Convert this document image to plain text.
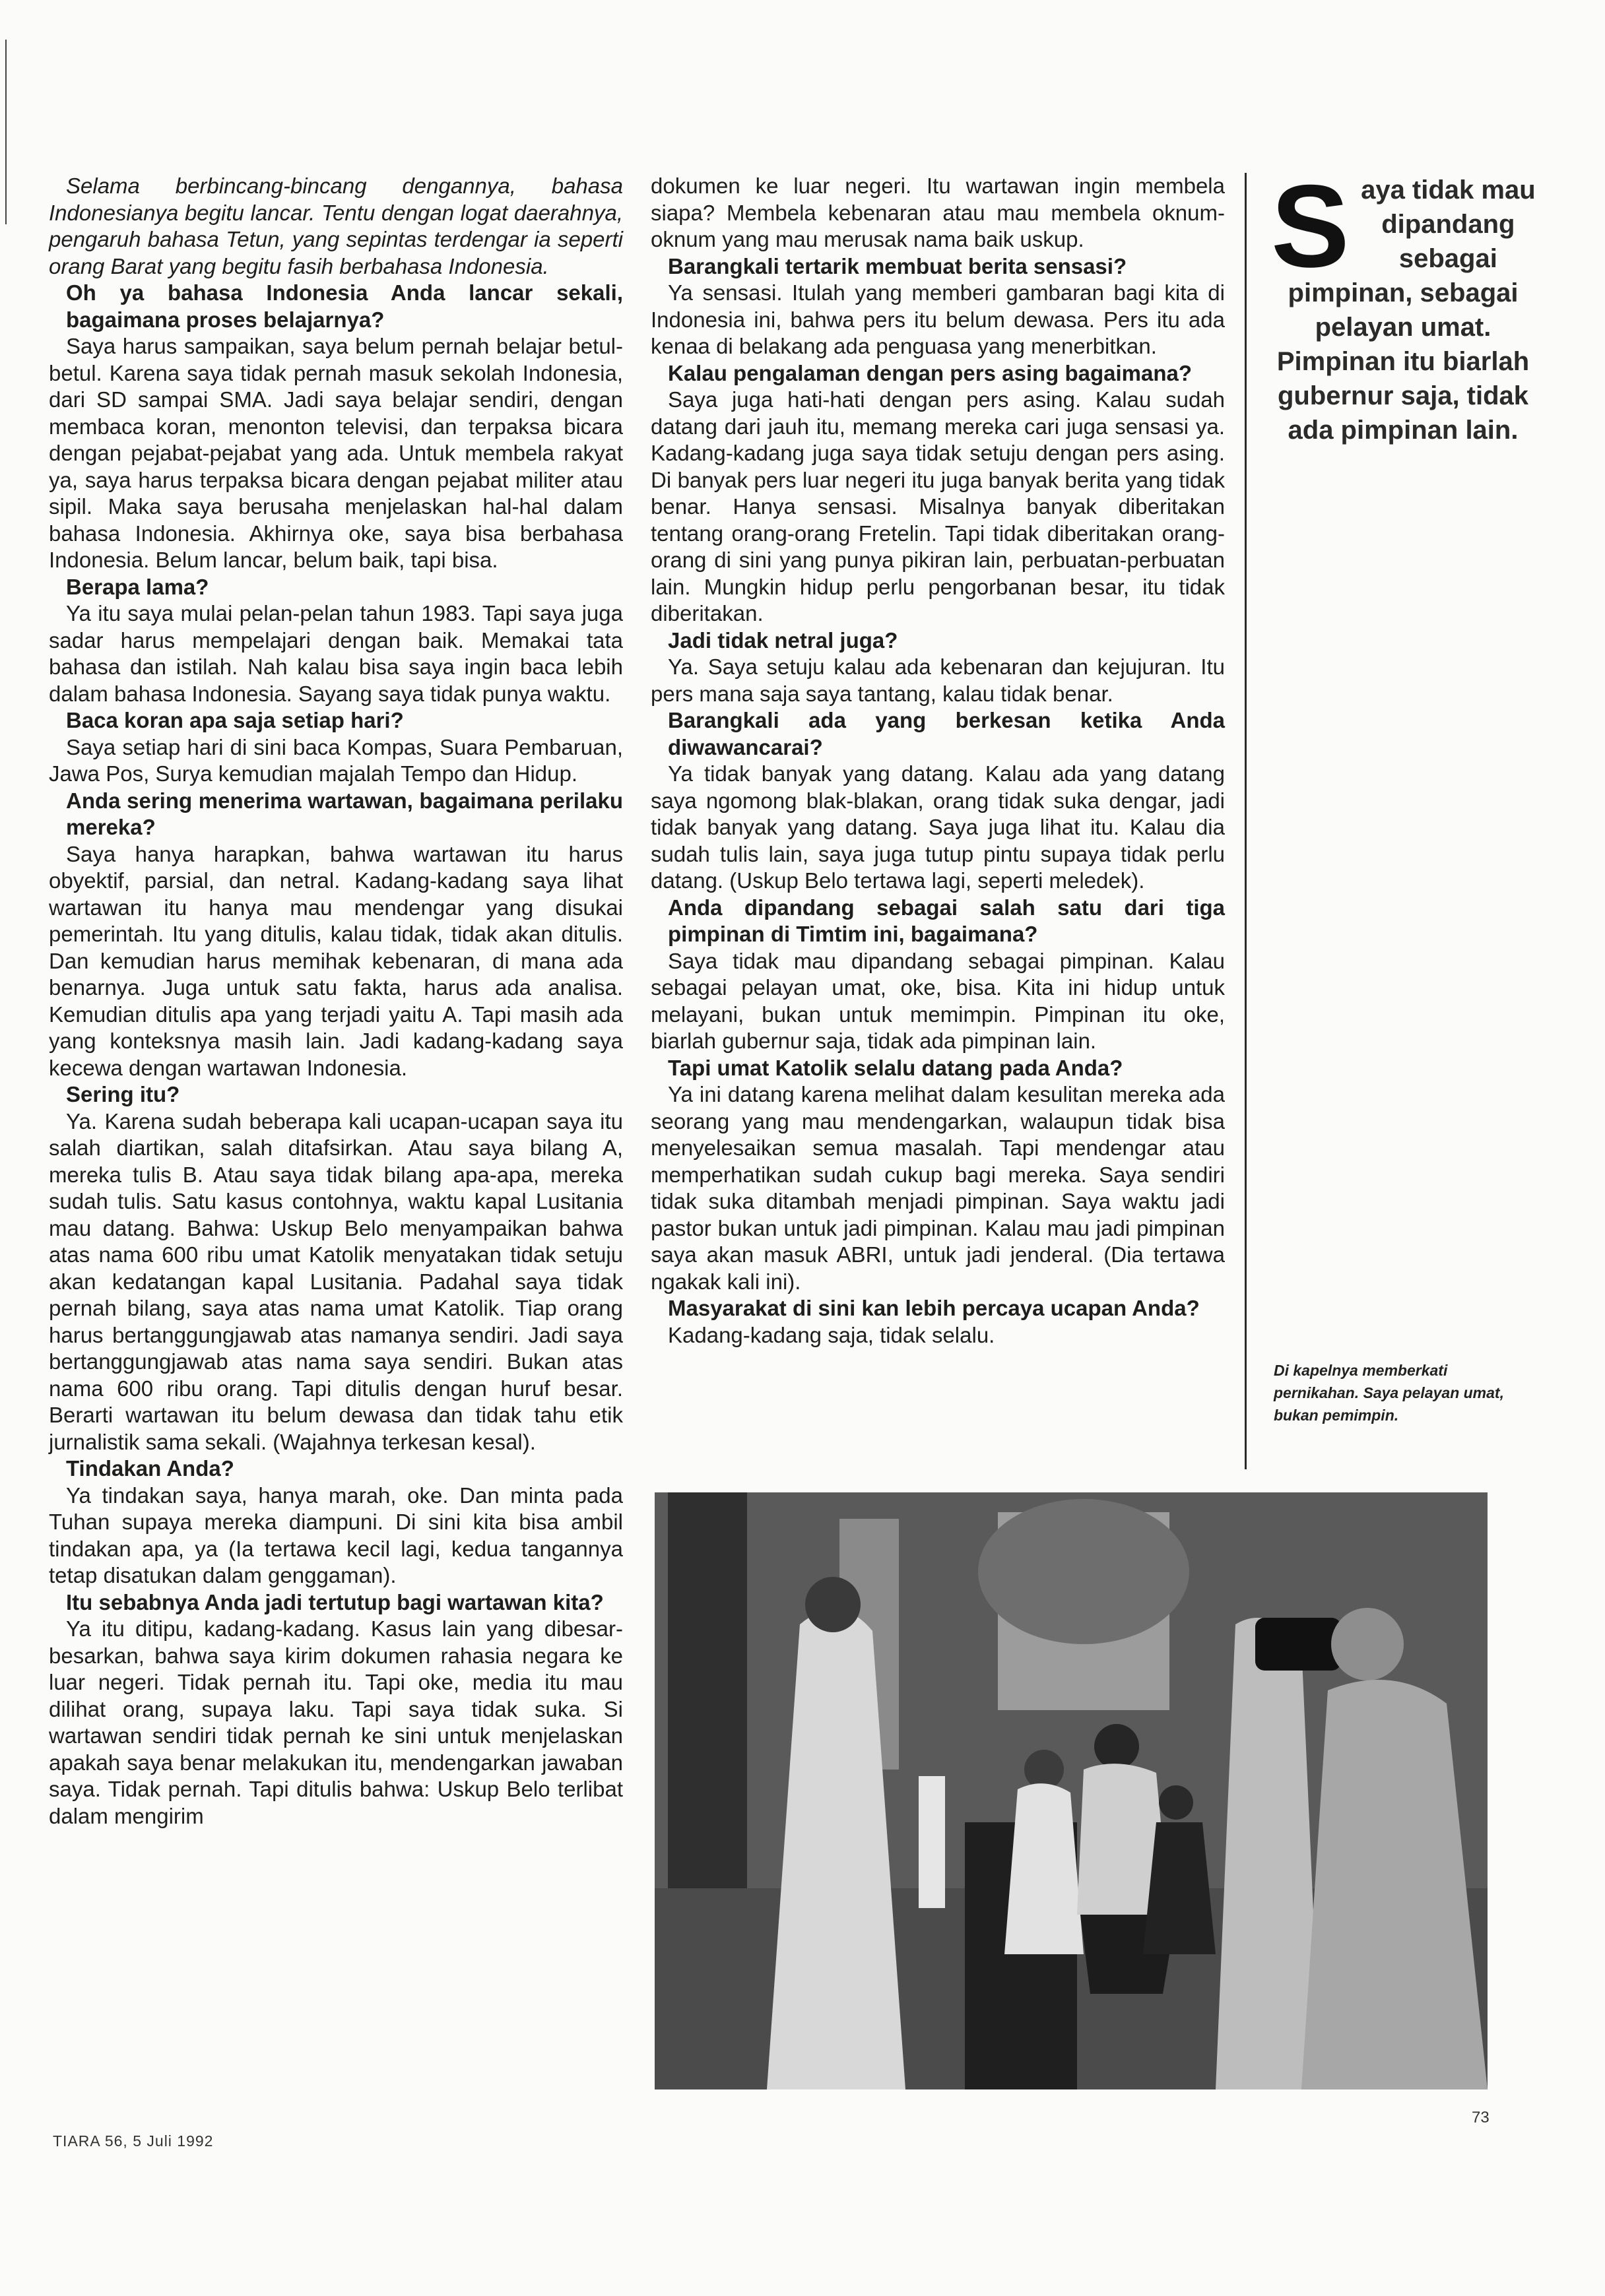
Selama berbincang-bincang dengannya, bahasa Indonesianya begitu lancar. Tentu dengan logat daerahnya, pengaruh bahasa Tetun, yang sepintas terdengar ia seperti orang Barat yang begitu fasih berbahasa Indonesia.

Oh ya bahasa Indonesia Anda lancar sekali, bagaimana proses belajarnya?

Saya harus sampaikan, saya belum pernah belajar betul-betul. Karena saya tidak pernah masuk sekolah Indonesia, dari SD sampai SMA. Jadi saya belajar sendiri, dengan membaca koran, menonton televisi, dan terpaksa bicara dengan pejabat-pejabat yang ada. Untuk membela rakyat ya, saya harus terpaksa bicara dengan pejabat militer atau sipil. Maka saya berusaha menjelaskan hal-hal dalam bahasa Indonesia. Akhirnya oke, saya bisa berbahasa Indonesia. Belum lancar, belum baik, tapi bisa.

Berapa lama?

Ya itu saya mulai pelan-pelan tahun 1983. Tapi saya juga sadar harus mempelajari dengan baik. Memakai tata bahasa dan istilah. Nah kalau bisa saya ingin baca lebih dalam bahasa Indonesia. Sayang saya tidak punya waktu.

Baca koran apa saja setiap hari?

Saya setiap hari di sini baca Kompas, Suara Pembaruan, Jawa Pos, Surya kemudian majalah Tempo dan Hidup.

Anda sering menerima wartawan, bagaimana perilaku mereka?

Saya hanya harapkan, bahwa wartawan itu harus obyektif, parsial, dan netral. Kadang-kadang saya lihat wartawan itu hanya mau mendengar yang disukai pemerintah. Itu yang ditulis, kalau tidak, tidak akan ditulis. Dan kemudian harus memihak kebenaran, di mana ada benarnya. Juga untuk satu fakta, harus ada analisa. Kemudian ditulis apa yang terjadi yaitu A. Tapi masih ada yang konteksnya masih lain. Jadi kadang-kadang saya kecewa dengan wartawan Indonesia.

Sering itu?

Ya. Karena sudah beberapa kali ucapan-ucapan saya itu salah diartikan, salah ditafsirkan. Atau saya bilang A, mereka tulis B. Atau saya tidak bilang apa-apa, mereka sudah tulis. Satu kasus contohnya, waktu kapal Lusitania mau datang. Bahwa: Uskup Belo menyampaikan bahwa atas nama 600 ribu umat Katolik menyatakan tidak setuju akan kedatangan kapal Lusitania. Padahal saya tidak pernah bilang, saya atas nama umat Katolik. Tiap orang harus bertanggungjawab atas namanya sendiri. Jadi saya bertanggungjawab atas nama saya sendiri. Bukan atas nama 600 ribu orang. Tapi ditulis dengan huruf besar. Berarti wartawan itu belum dewasa dan tidak tahu etik jurnalistik sama sekali. (Wajahnya terkesan kesal).

Tindakan Anda?

Ya tindakan saya, hanya marah, oke. Dan minta pada Tuhan supaya mereka diampuni. Di sini kita bisa ambil tindakan apa, ya (Ia tertawa kecil lagi, kedua tangannya tetap disatukan dalam genggaman).

Itu sebabnya Anda jadi tertutup bagi wartawan kita?

Ya itu ditipu, kadang-kadang. Kasus lain yang dibesar-besarkan, bahwa saya kirim dokumen rahasia negara ke luar negeri. Tidak pernah itu. Tapi oke, media itu mau dilihat orang, supaya laku. Tapi saya tidak suka. Si wartawan sendiri tidak pernah ke sini untuk menjelaskan apakah saya benar melakukan itu, mendengarkan jawaban saya. Tidak pernah. Tapi ditulis bahwa: Uskup Belo terlibat dalam mengirim

dokumen ke luar negeri. Itu wartawan ingin membela siapa? Membela kebenaran atau mau membela oknum-oknum yang mau merusak nama baik uskup.

Barangkali tertarik membuat berita sensasi?

Ya sensasi. Itulah yang memberi gambaran bagi kita di Indonesia ini, bahwa pers itu belum dewasa. Pers itu ada kenaa di belakang ada penguasa yang menerbitkan.

Kalau pengalaman dengan pers asing bagaimana?

Saya juga hati-hati dengan pers asing. Kalau sudah datang dari jauh itu, memang mereka cari juga sensasi ya. Kadang-kadang juga saya tidak setuju dengan pers asing. Di banyak pers luar negeri itu juga banyak berita yang tidak benar. Hanya sensasi. Misalnya banyak diberitakan tentang orang-orang Fretelin. Tapi tidak diberitakan orang-orang di sini yang punya pikiran lain, perbuatan-perbuatan lain. Mungkin hidup perlu pengorbanan besar, itu tidak diberitakan.

Jadi tidak netral juga?

Ya. Saya setuju kalau ada kebenaran dan kejujuran. Itu pers mana saja saya tantang, kalau tidak benar.

Barangkali ada yang berkesan ketika Anda diwawancarai?

Ya tidak banyak yang datang. Kalau ada yang datang saya ngomong blak-blakan, orang tidak suka dengar, jadi tidak banyak yang datang. Saya juga lihat itu. Kalau dia sudah tulis lain, saya juga tutup pintu supaya tidak perlu datang. (Uskup Belo tertawa lagi, seperti meledek).

Anda dipandang sebagai salah satu dari tiga pimpinan di Timtim ini, bagaimana?

Saya tidak mau dipandang sebagai pimpinan. Kalau sebagai pelayan umat, oke, bisa. Kita ini hidup untuk melayani, bukan untuk memimpin. Pimpinan itu oke, biarlah gubernur saja, tidak ada pimpinan lain.

Tapi umat Katolik selalu datang pada Anda?

Ya ini datang karena melihat dalam kesulitan mereka ada seorang yang mau mendengarkan, walaupun tidak bisa menyelesaikan semua masalah. Tapi mendengar atau memperhatikan sudah cukup bagi mereka. Saya sendiri tidak suka ditambah menjadi pimpinan. Saya waktu jadi pastor bukan untuk jadi pimpinan. Kalau mau jadi pimpinan saya akan masuk ABRI, untuk jadi jenderal. (Dia tertawa ngakak kali ini).

Masyarakat di sini kan lebih percaya ucapan Anda?

Kadang-kadang saja, tidak selalu.

S aya tidak mau dipandang sebagai pimpinan, sebagai pelayan umat. Pimpinan itu biarlah gubernur saja, tidak ada pimpinan lain.
Di kapelnya memberkati pernikahan. Saya pelayan umat, bukan pemimpin.
TIARA 56, 5 Juli 1992
73
